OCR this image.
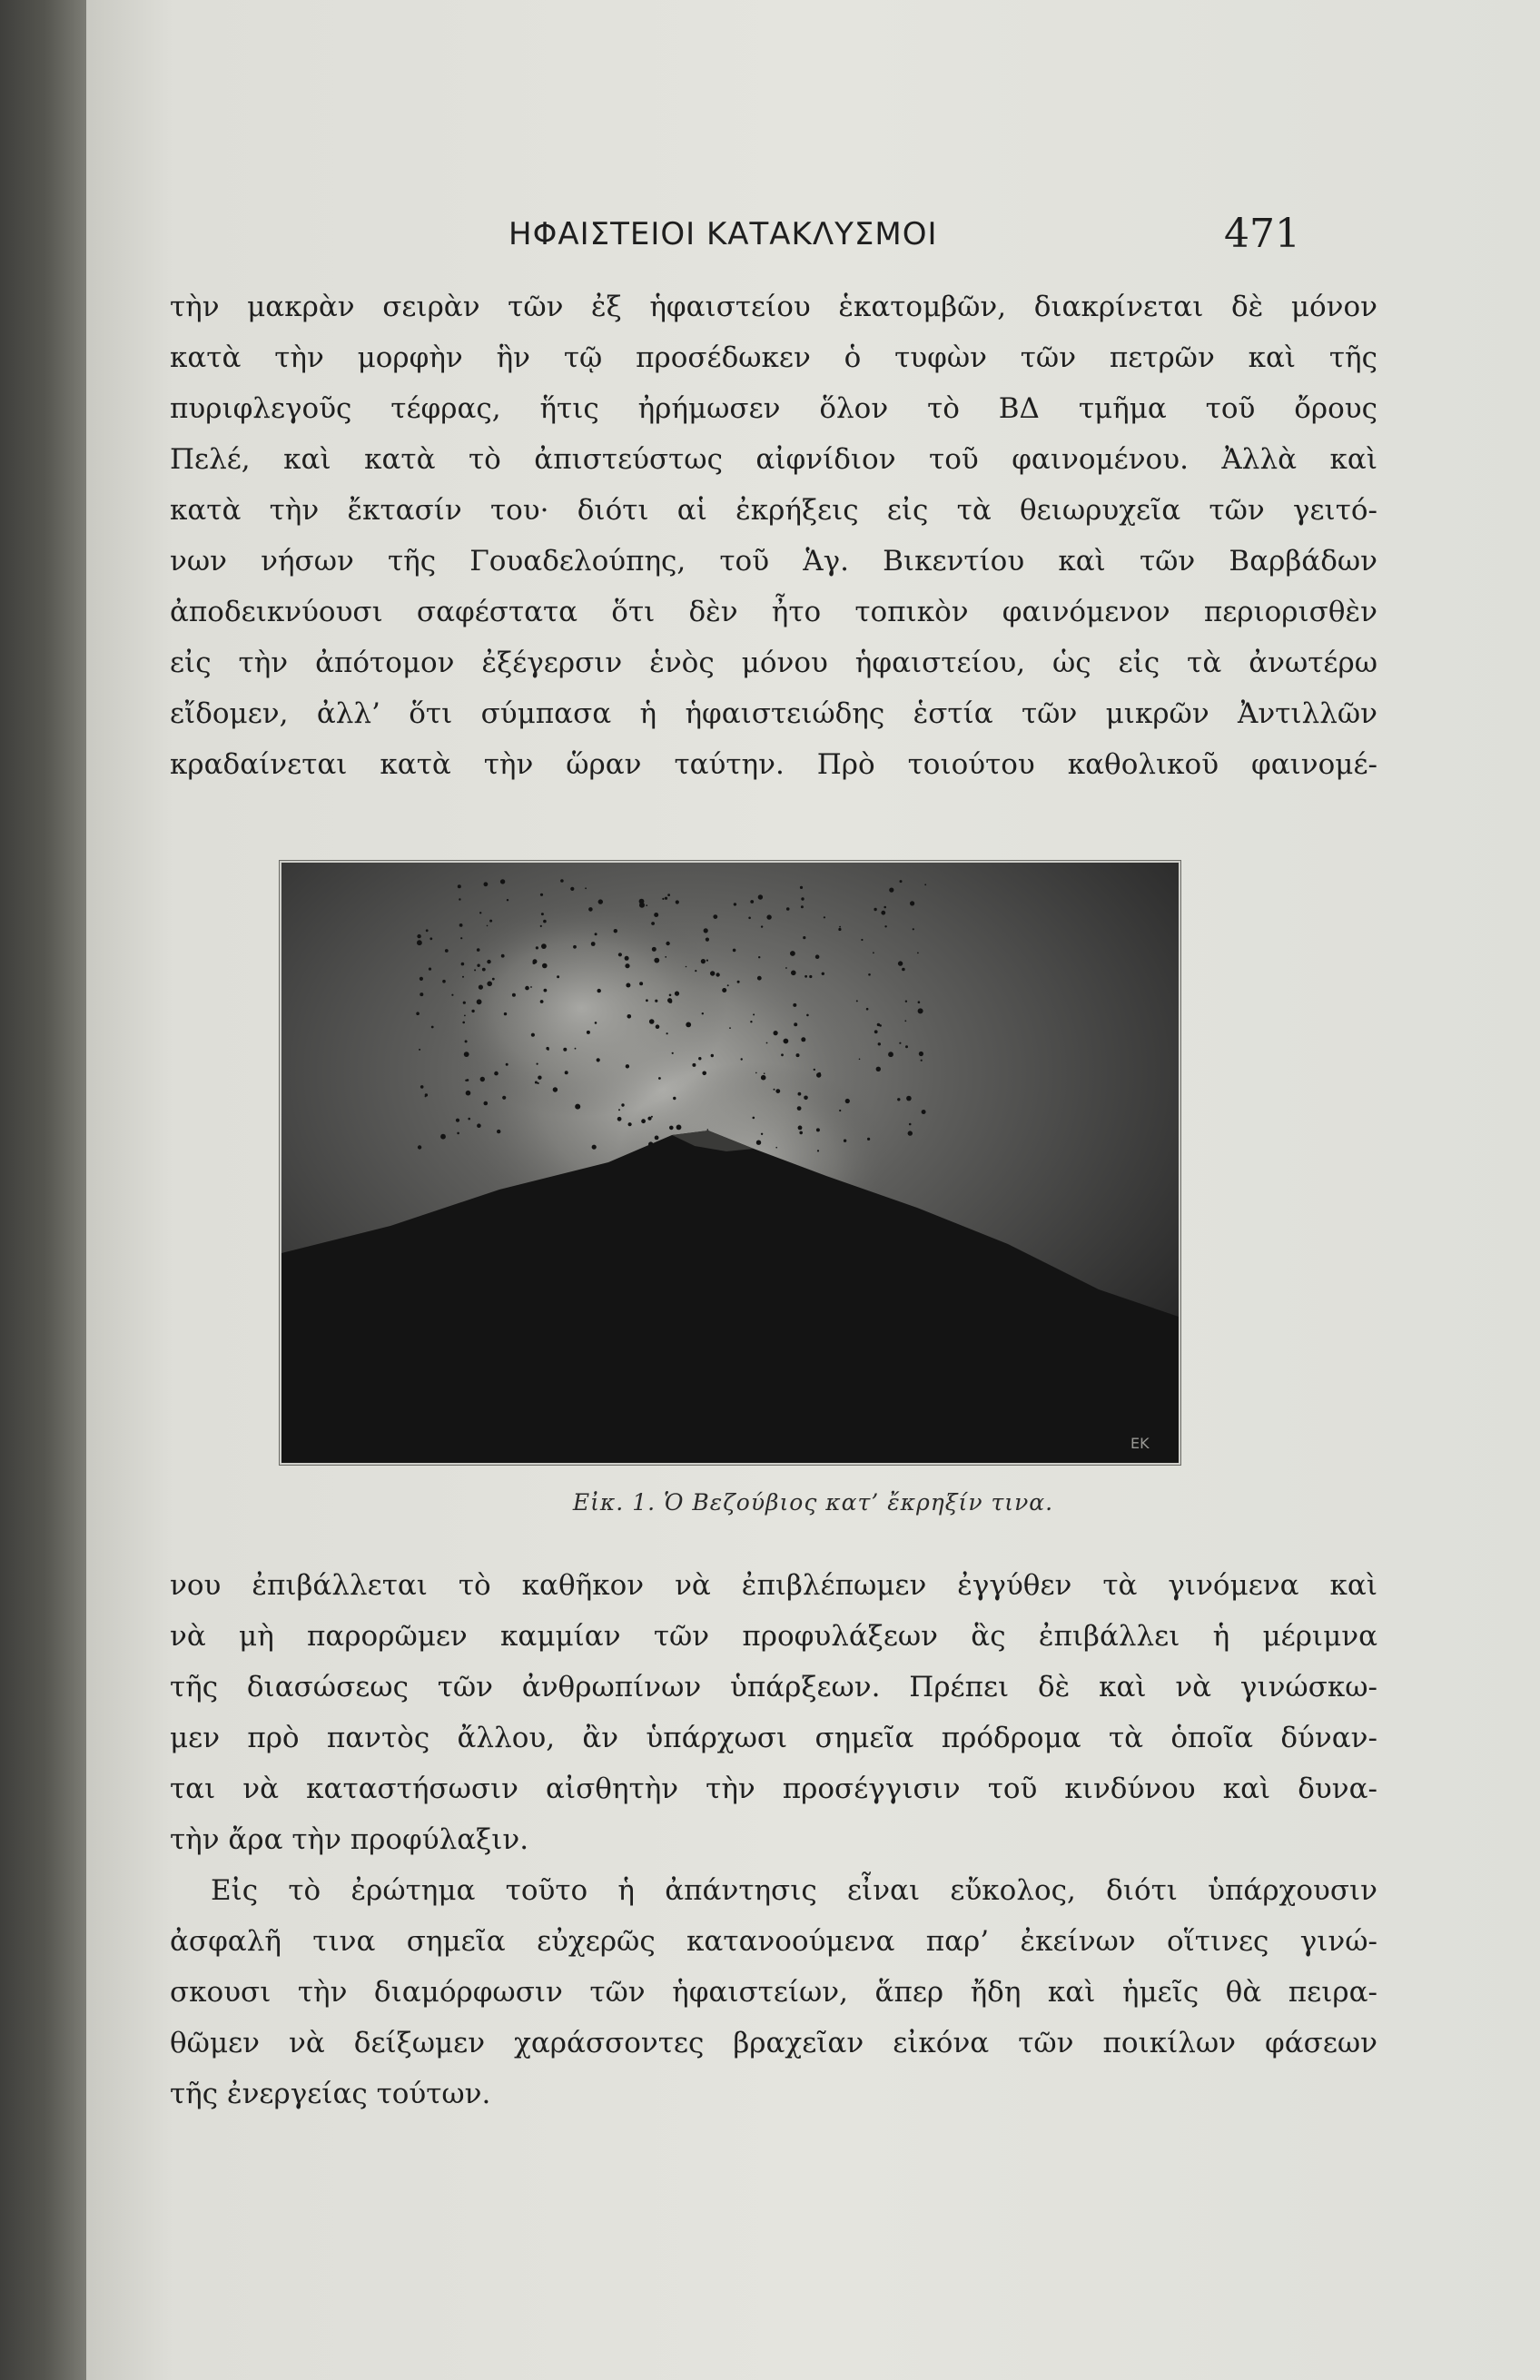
ΗΦΑΙΣΤΕΙΟΙ ΚΑΤΑΚΛΥΣΜΟΙ	471
τὴν μακρὰν σειρὰν τῶν ἐξ ἡφαιστείου ἑκατομβῶν, διακρίνεται δὲ μόνον
κατὰ τὴν μορφὴν ἣν τῷ προσέδωκεν ὁ τυφὼν τῶν πετρῶν καὶ τῆς
πυριφλεγοῦς τέφρας, ἥτις ἠρήμωσεν ὅλον τὸ ΒΔ τμῆμα τοῦ ὄρους
Πελέ, καὶ κατὰ τὸ ἀπιστεύστως αἰφνίδιον τοῦ φαινομένου. Ἀλλὰ καὶ
κατὰ τὴν ἔκτασίν του· διότι αἱ ἐκρήξεις εἰς τὰ θειωρυχεῖα τῶν γειτό-
νων νήσων τῆς Γουαδελούπης, τοῦ Ἁγ. Βικεντίου καὶ τῶν Βαρβάδων
ἀποδεικνύουσι σαφέστατα ὅτι δὲν ἦτο τοπικὸν φαινόμενον περιορισθὲν
εἰς τὴν ἀπότομον ἐξέγερσιν ἑνὸς μόνου ἡφαιστείου, ὡς εἰς τὰ ἀνωτέρω
εἴδομεν, ἀλλ’ ὅτι σύμπασα ἡ ἡφαιστειώδης ἑστία τῶν μικρῶν Ἀντιλλῶν
κραδαίνεται κατὰ τὴν ὥραν ταύτην. Πρὸ τοιούτου καθολικοῦ φαινομέ-
ΕΚ
Εἰκ. 1. Ὁ Βεζούβιος κατ’ ἔκρηξίν τινα.
νου ἐπιβάλλεται τὸ καθῆκον νὰ ἐπιβλέπωμεν ἐγγύθεν τὰ γινόμενα καὶ
νὰ μὴ παρορῶμεν καμμίαν τῶν προφυλάξεων ἃς ἐπιβάλλει ἡ μέριμνα
τῆς διασώσεως τῶν ἀνθρωπίνων ὑπάρξεων. Πρέπει δὲ καὶ νὰ γινώσκω-
μεν πρὸ παντὸς ἄλλου, ἂν ὑπάρχωσι σημεῖα πρόδρομα τὰ ὁποῖα δύναν-
ται νὰ καταστήσωσιν αἰσθητὴν τὴν προσέγγισιν τοῦ κινδύνου καὶ δυνα-
τὴν ἄρα τὴν προφύλαξιν.
Εἰς τὸ ἐρώτημα τοῦτο ἡ ἀπάντησις εἶναι εὔκολος, διότι ὑπάρχουσιν
ἀσφαλῆ τινα σημεῖα εὐχερῶς κατανοούμενα παρ’ ἐκείνων οἵτινες γινώ-
σκουσι τὴν διαμόρφωσιν τῶν ἡφαιστείων, ἅπερ ἤδη καὶ ἡμεῖς θὰ πειρα-
θῶμεν νὰ δείξωμεν χαράσσοντες βραχεῖαν εἰκόνα τῶν ποικίλων φάσεων
τῆς ἐνεργείας τούτων.
